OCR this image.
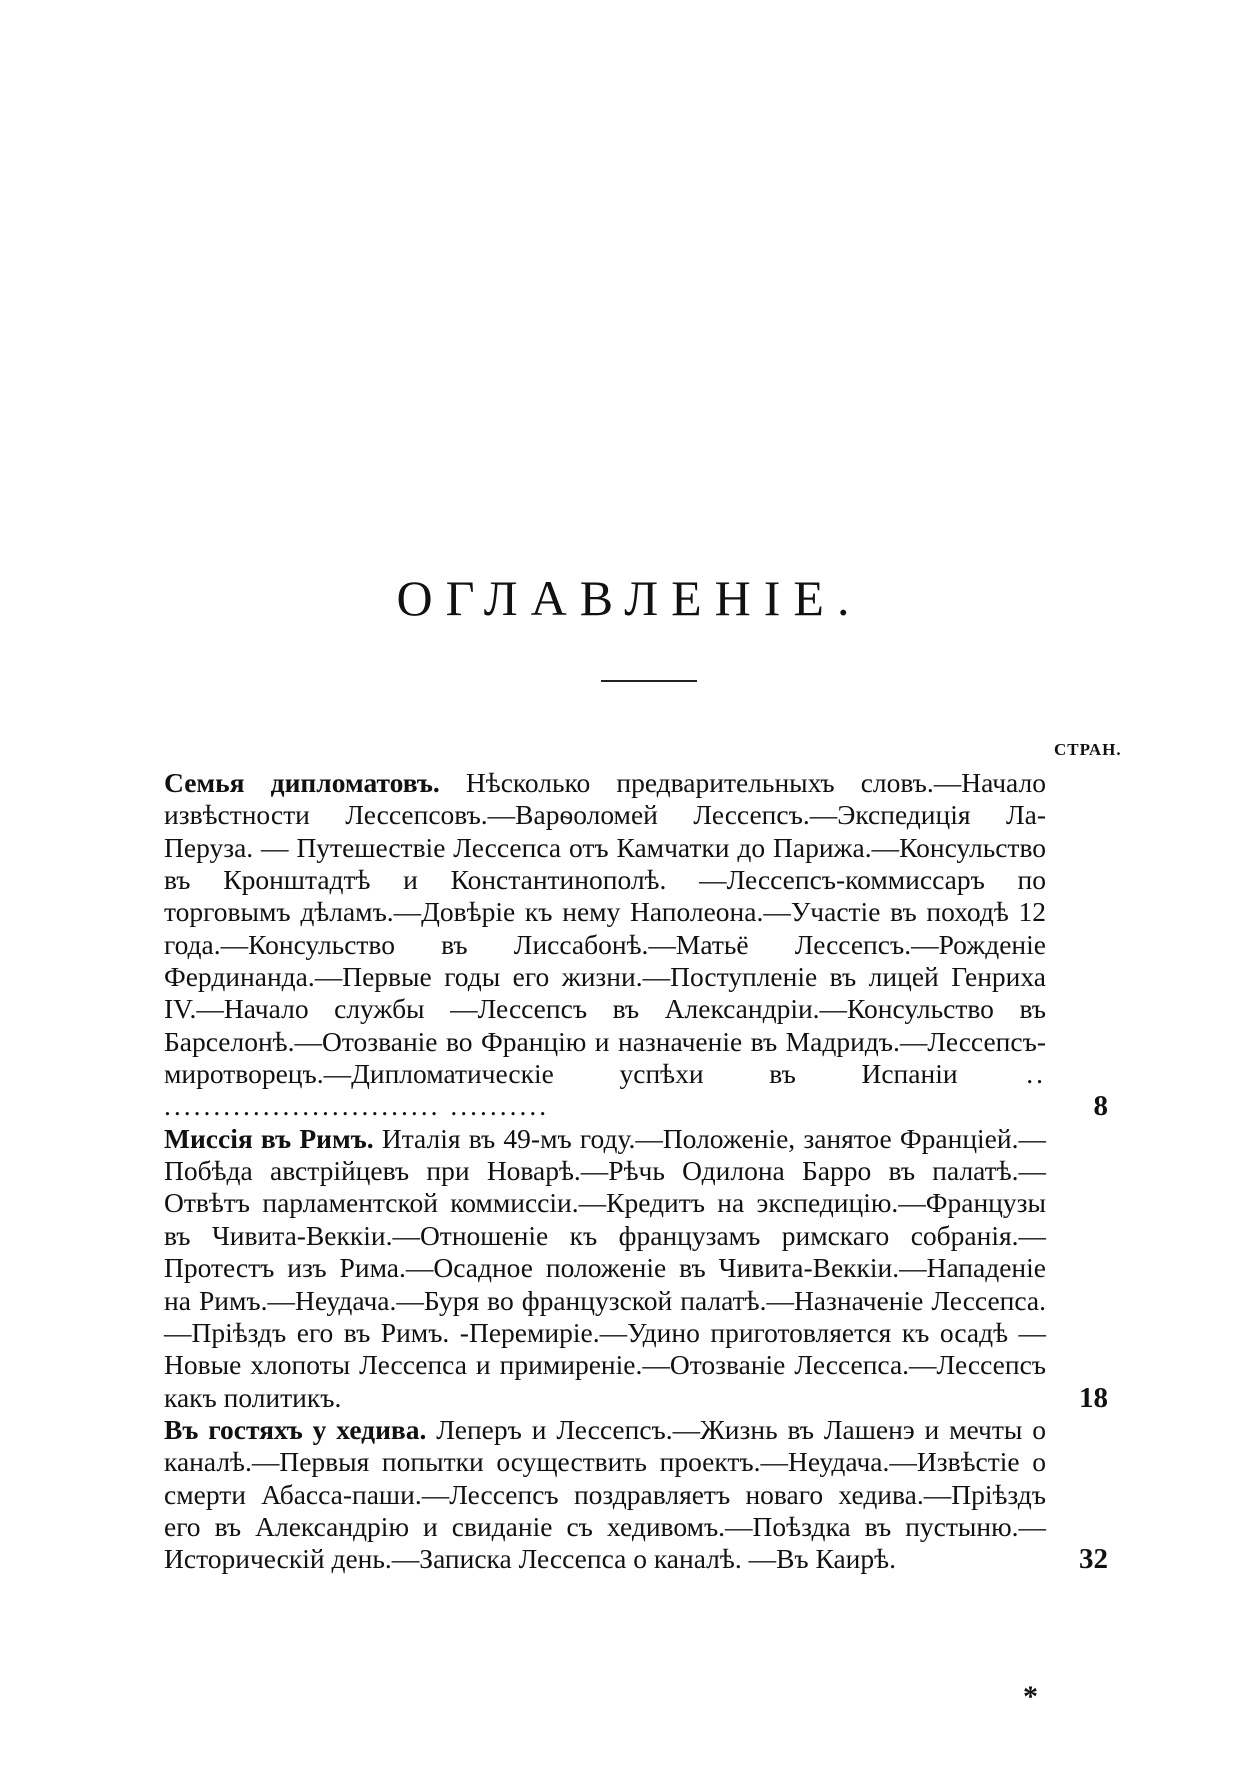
ОГЛАВЛЕНІЕ.
СТРАН.
Семья дипломатовъ. Нѣсколько предварительныхъ словъ.—Начало извѣстности Лессепсовъ.—Варѳоломей Лессепсъ.—Экспедиція Ла-Перуза. — Путешествіе Лессепса отъ Камчатки до Парижа.—Консульство въ Кронштадтѣ и Константинополѣ. —Лессепсъ-коммиссаръ по торговымъ дѣламъ.—Довѣріе къ нему Наполеона.—Участіе въ походѣ 12 года.—Консульство въ Лиссабонѣ.—Матьё Лессепсъ.—Рожденіе Фердинанда.—Первые годы его жизни.—Поступленіе въ лицей Генриха IV.—Начало службы —Лессепсъ въ Александріи.—Консульство въ Барселонѣ.—Отозваніе во Францію и назначеніе въ Мадридъ.—Лессепсъ-миротворецъ.—Дипломатическіе успѣхи въ Испаніи .. ............................ ..........	8
Миссія въ Римъ. Италія въ 49-мъ году.—Положеніе, занятое Франціей.—Побѣда австрійцевъ при Новарѣ.—Рѣчь Одилона Барро въ палатѣ.—Отвѣтъ парламентской коммиссіи.—Кредитъ на экспедицію.—Французы въ Чивита-Веккіи.—Отношеніе къ французамъ римскаго собранія.—Протестъ изъ Рима.—Осадное положеніе въ Чивита-Веккіи.—Нападеніе на Римъ.—Неудача.—Буря во французской палатѣ.—Назначеніе Лессепса.—Пріѣздъ его въ Римъ. -Перемиріе.—Удино приготовляется къ осадѣ —Новые хлопоты Лессепса и примиреніе.—Отозваніе Лессепса.—Лессепсъ какъ политикъ.	18
Въ гостяхъ у хедива. Леперъ и Лессепсъ.—Жизнь въ Лашенэ и мечты о каналѣ.—Первыя попытки осуществить проектъ.—Неудача.—Извѣстіе о смерти Абасса-паши.—Лессепсъ поздравляетъ новаго хедива.—Пріѣздъ его въ Александрію и свиданіе съ хедивомъ.—Поѣздка въ пустыню.—Историческій день.—Записка Лессепса о каналѣ. —Въ Каирѣ.	32
*
